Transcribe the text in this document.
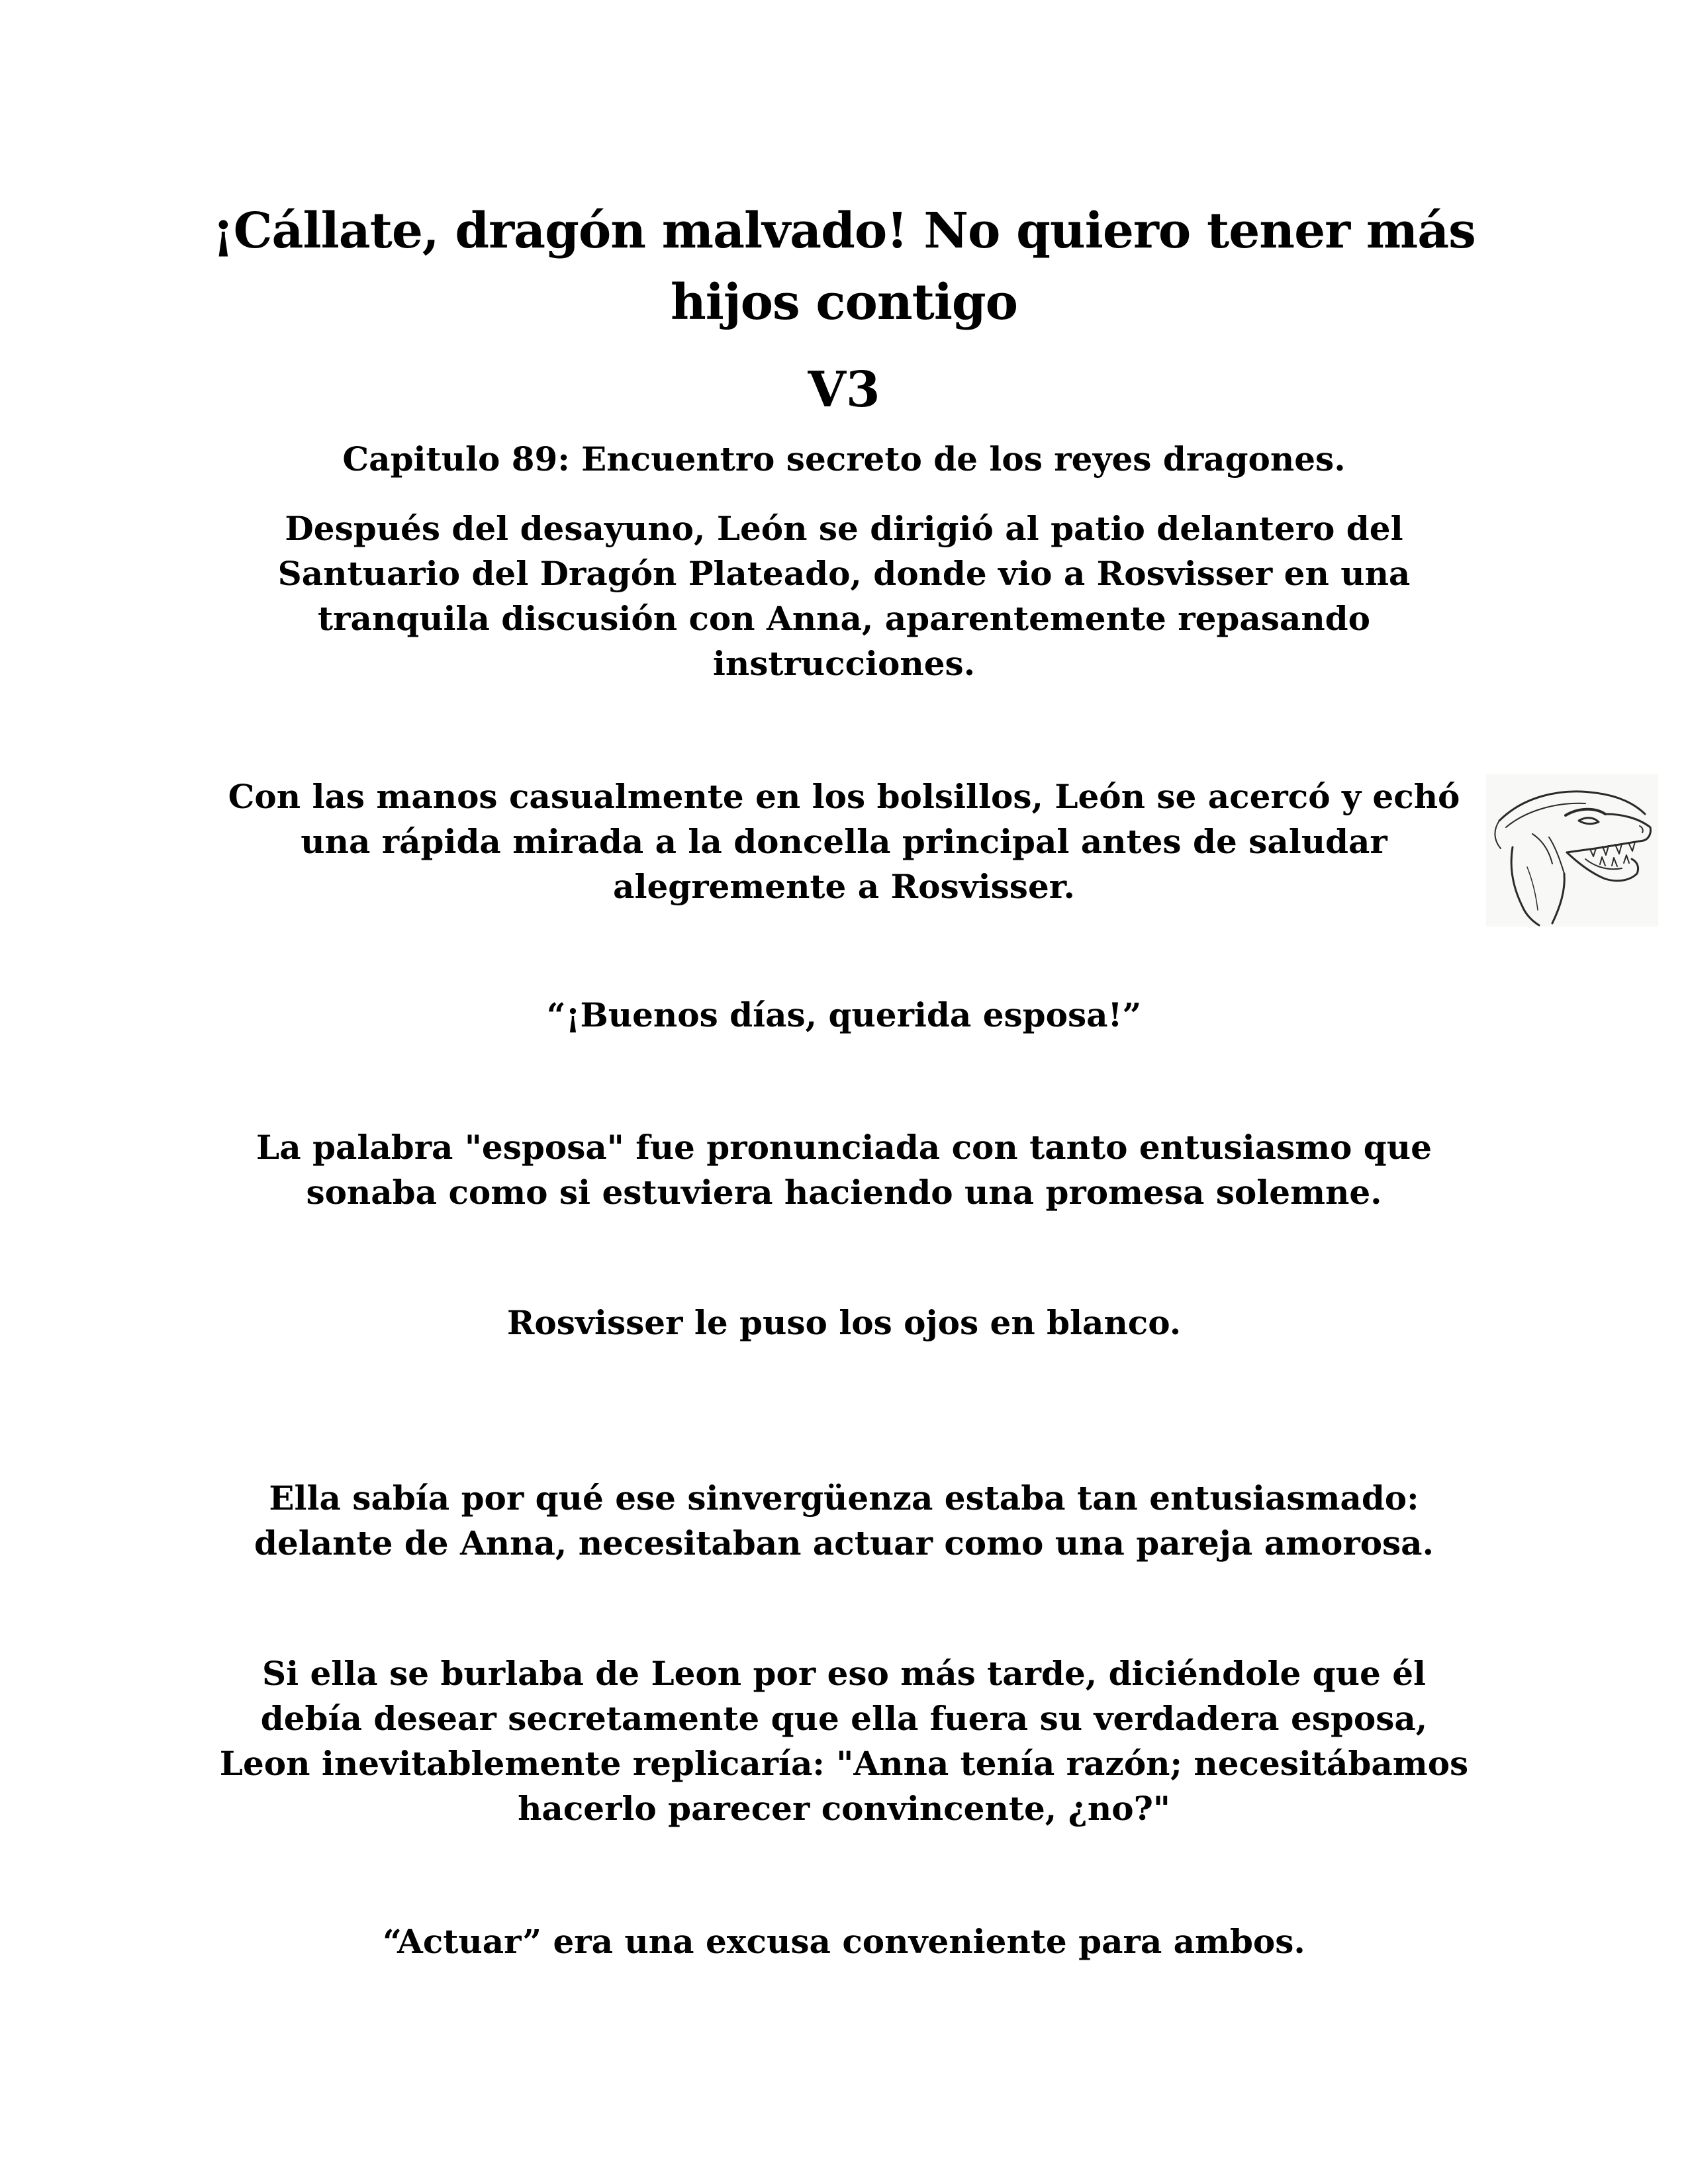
¡Cállate, dragón malvado! No quiero tener más hijos contigo
V3
Capitulo 89: Encuentro secreto de los reyes dragones.

Después del desayuno, León se dirigió al patio delantero del Santuario del Dragón Plateado, donde vio a Rosvisser en una tranquila discusión con Anna, aparentemente repasando instrucciones.

Con las manos casualmente en los bolsillos, León se acercó y echó una rápida mirada a la doncella principal antes de saludar alegremente a Rosvisser.

“¡Buenos días, querida esposa!”

La palabra "esposa" fue pronunciada con tanto entusiasmo que sonaba como si estuviera haciendo una promesa solemne.

Rosvisser le puso los ojos en blanco.

Ella sabía por qué ese sinvergüenza estaba tan entusiasmado: delante de Anna, necesitaban actuar como una pareja amorosa.

Si ella se burlaba de Leon por eso más tarde, diciéndole que él debía desear secretamente que ella fuera su verdadera esposa, Leon inevitablemente replicaría: "Anna tenía razón; necesitábamos hacerlo parecer convincente, ¿no?"

“Actuar” era una excusa conveniente para ambos.
